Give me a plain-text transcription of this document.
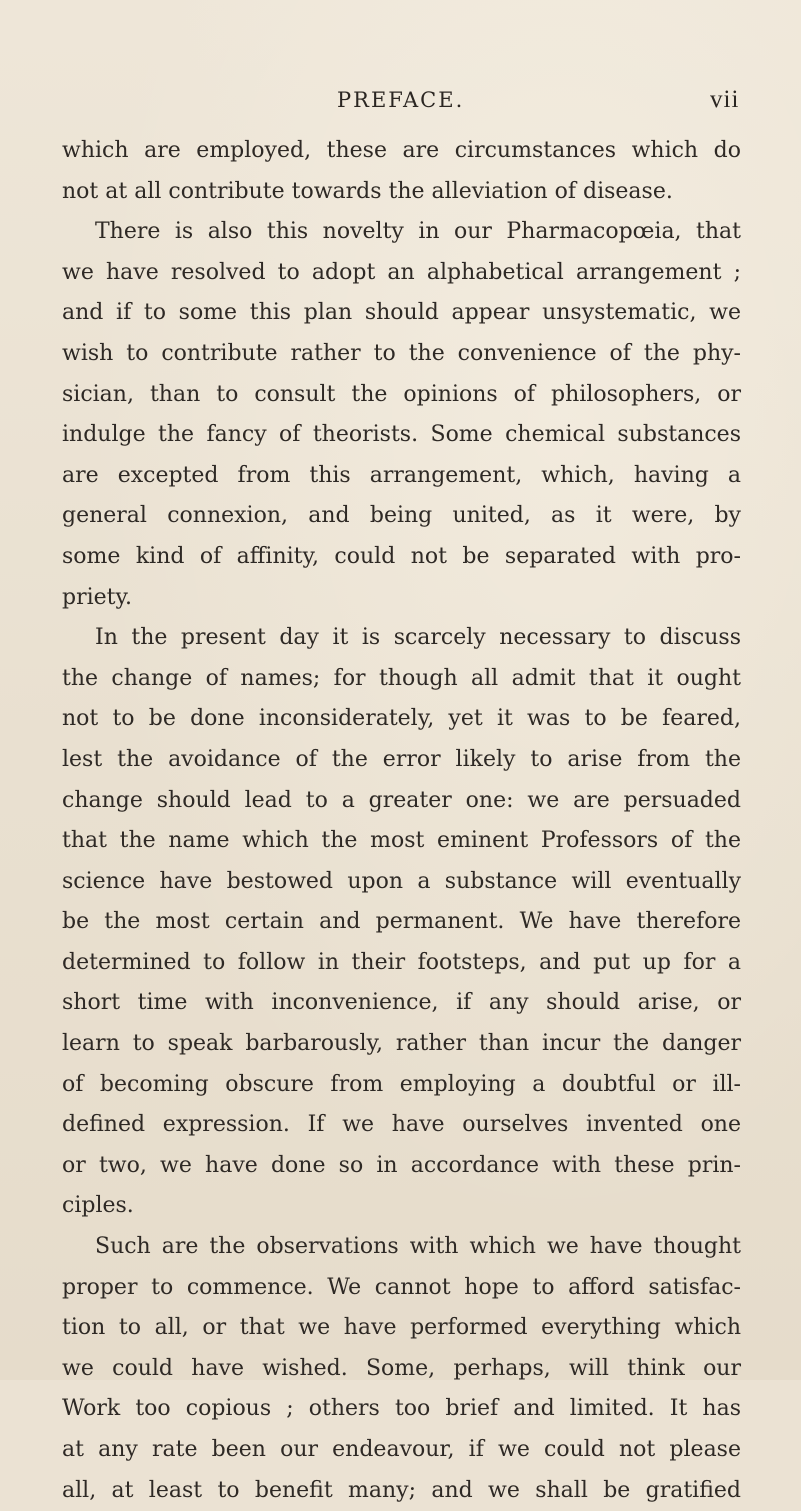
PREFACE.	vii
which are employed, these are circumstances which do
not at all contribute towards the alleviation of disease.
There is also this novelty in our Pharmacopœia, that
we have resolved to adopt an alphabetical arrangement ;
and if to some this plan should appear unsystematic, we
wish to contribute rather to the convenience of the phy-
sician, than to consult the opinions of philosophers, or
indulge the fancy of theorists. Some chemical substances
are excepted from this arrangement, which, having a
general connexion, and being united, as it were, by
some kind of affinity, could not be separated with pro-
priety.
In the present day it is scarcely necessary to discuss
the change of names; for though all admit that it ought
not to be done inconsiderately, yet it was to be feared,
lest the avoidance of the error likely to arise from the
change should lead to a greater one: we are persuaded
that the name which the most eminent Professors of the
science have bestowed upon a substance will eventually
be the most certain and permanent. We have therefore
determined to follow in their footsteps, and put up for a
short time with inconvenience, if any should arise, or
learn to speak barbarously, rather than incur the danger
of becoming obscure from employing a doubtful or ill-
defined expression. If we have ourselves invented one
or two, we have done so in accordance with these prin-
ciples.
Such are the observations with which we have thought
proper to commence. We cannot hope to afford satisfac-
tion to all, or that we have performed everything which
we could have wished. Some, perhaps, will think our
Work too copious ; others too brief and limited. It has
at any rate been our endeavour, if we could not please
all, at least to benefit many; and we shall be gratified
